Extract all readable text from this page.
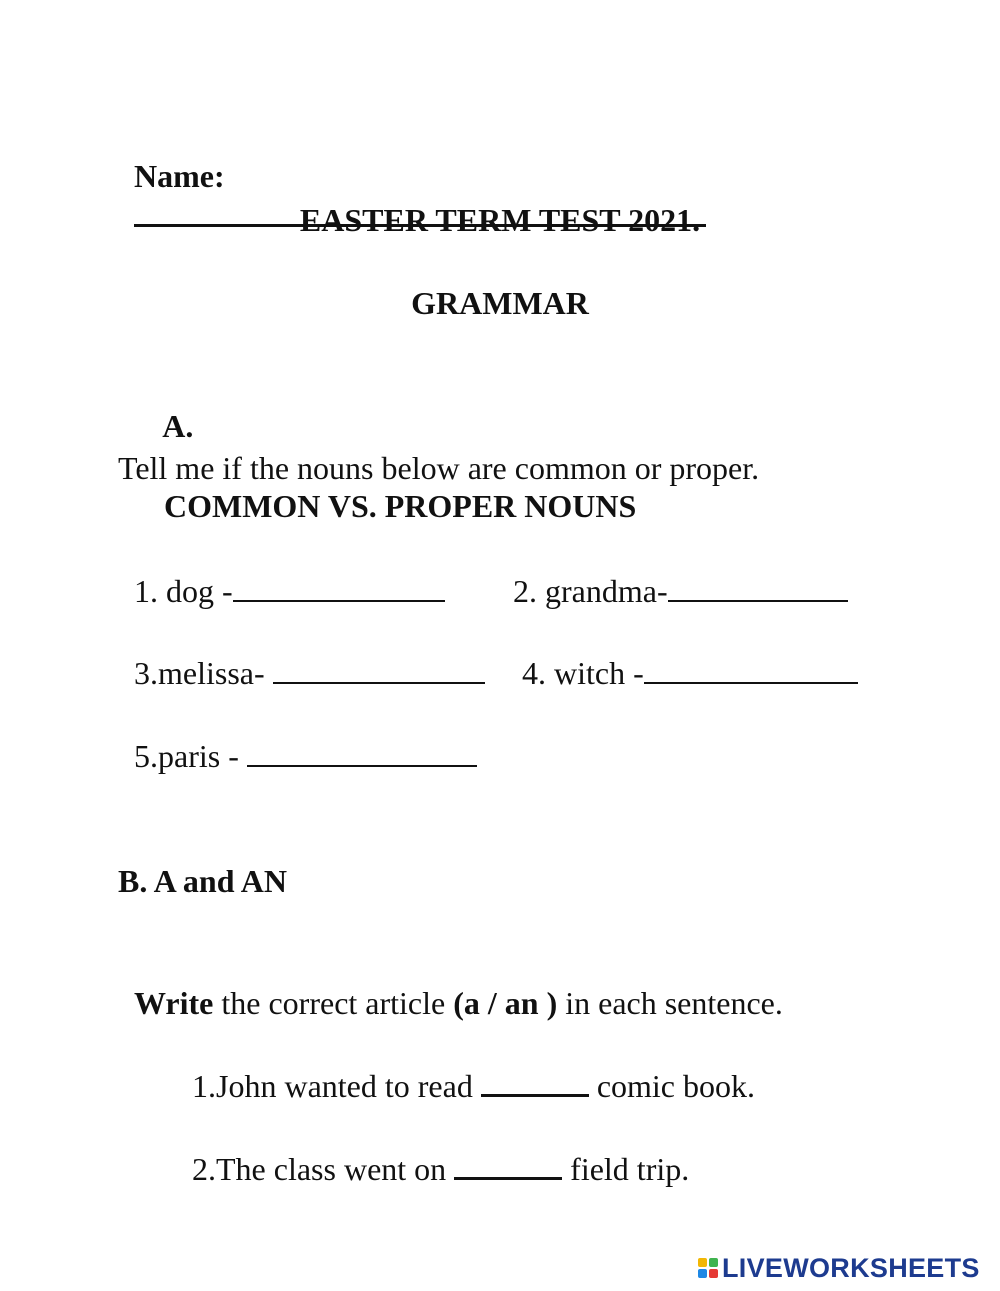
Name:

EASTER TERM TEST 2021.
GRAMMAR

A.

COMMON VS. PROPER NOUNS

Tell me if the nouns below are common or proper.

1. dog -	2. grandma-

3.melissa-	4. witch -

5.paris -

B. A and AN

Write the correct article (a / an ) in each sentence.

1.John wanted to read	comic book.

2.The class went on	field trip.

LIVEWORKSHEETS
